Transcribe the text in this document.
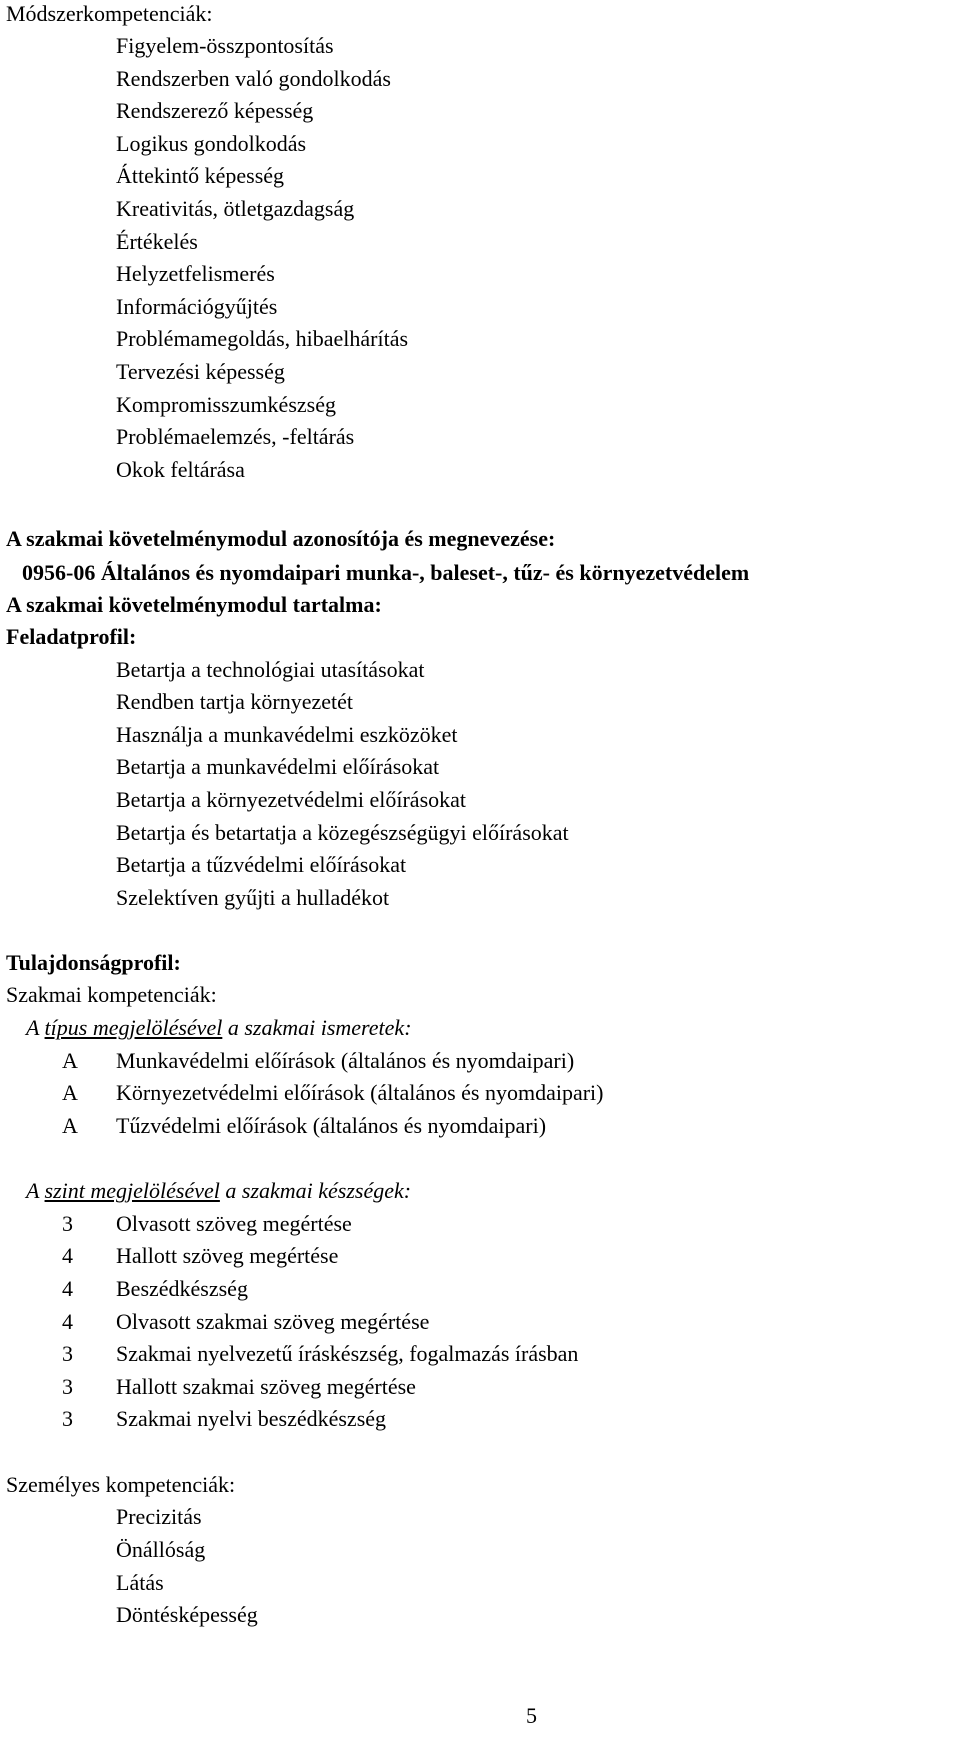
Módszerkompetenciák:
Figyelem-összpontosítás
Rendszerben való gondolkodás
Rendszerező képesség
Logikus gondolkodás
Áttekintő képesség
Kreativitás, ötletgazdagság
Értékelés
Helyzetfelismerés
Információgyűjtés
Problémamegoldás, hibaelhárítás
Tervezési képesség
Kompromisszumkészség
Problémaelemzés, -feltárás
Okok feltárása
A szakmai követelménymodul azonosítója és megnevezése:
0956-06 Általános és nyomdaipari munka-, baleset-, tűz- és környezetvédelem
A szakmai követelménymodul tartalma:
Feladatprofil:
Betartja a technológiai utasításokat
Rendben tartja környezetét
Használja a munkavédelmi eszközöket
Betartja a munkavédelmi előírásokat
Betartja a környezetvédelmi előírásokat
Betartja és betartatja a közegészségügyi előírásokat
Betartja a tűzvédelmi előírásokat
Szelektíven gyűjti a hulladékot
Tulajdonságprofil:
Szakmai kompetenciák:
A típus megjelölésével a szakmai ismeretek:
A Munkavédelmi előírások (általános és nyomdaipari)
A Környezetvédelmi előírások (általános és nyomdaipari)
A Tűzvédelmi előírások (általános és nyomdaipari)
A szint megjelölésével a szakmai készségek:
3 Olvasott szöveg megértése
4 Hallott szöveg megértése
4 Beszédkészség
4 Olvasott szakmai szöveg megértése
3 Szakmai nyelvezetű íráskészség, fogalmazás írásban
3 Hallott szakmai szöveg megértése
3 Szakmai nyelvi beszédkészség
Személyes kompetenciák:
Precizitás
Önállóság
Látás
Döntésképesség
5
